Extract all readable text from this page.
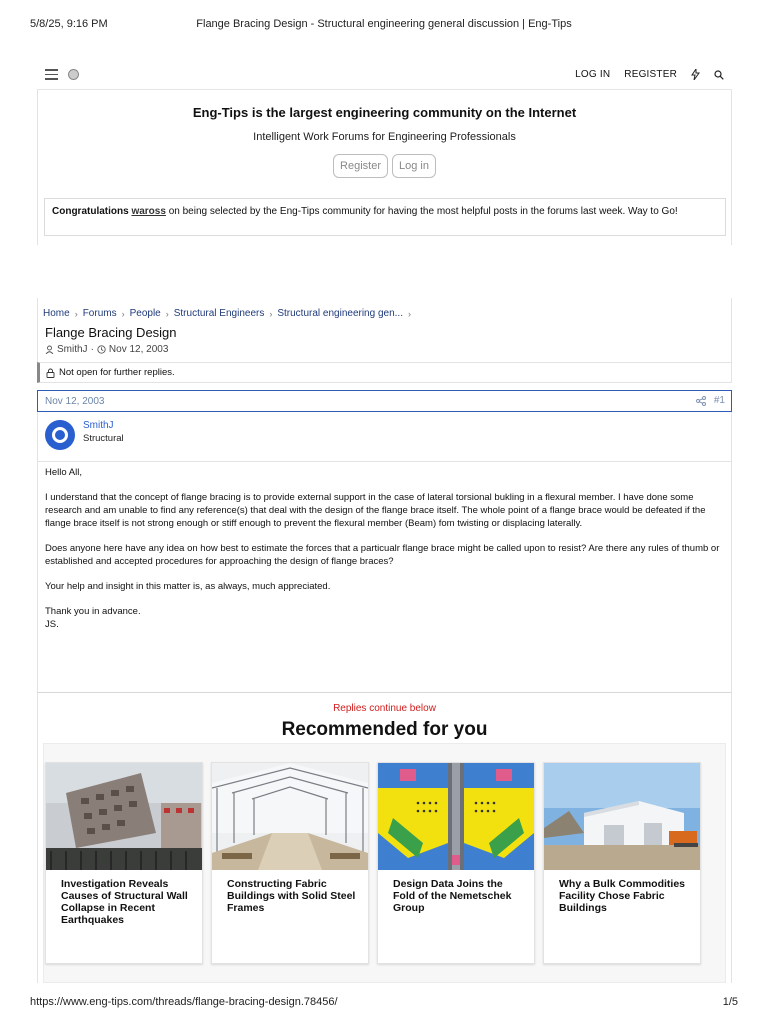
5/8/25, 9:16 PM	Flange Bracing Design - Structural engineering general discussion | Eng-Tips
LOG IN REGISTER
Eng-Tips is the largest engineering community on the Internet
Intelligent Work Forums for Engineering Professionals
Register	Log in
Congratulations waross on being selected by the Eng-Tips community for having the most helpful posts in the forums last week. Way to Go!
Home › Forums › People › Structural Engineers › Structural engineering gen... ›
Flange Bracing Design
SmithJ · Nov 12, 2003
Not open for further replies.
Nov 12, 2003	#1
SmithJ
Structural

Hello All,

I understand that the concept of flange bracing is to provide external support in the case of lateral torsional bukling in a flexural member. I have done some research and am unable to find any reference(s) that deal with the design of the flange brace itself. The whole point of a flange brace would be defeated if the flange brace itself is not strong enough or stiff enough to prevent the flexural member (Beam) fom twisting or displacing laterally.

Does anyone here have any idea on how best to estimate the forces that a particualr flange brace might be called upon to resist? Are there any rules of thumb or established and accepted procedures for approaching the design of flange braces?

Your help and insight in this matter is, as always, much appreciated.

Thank you in advance.

JS.

Replies continue below
Recommended for you
Investigation Reveals Causes of Structural Wall Collapse in Recent Earthquakes
Constructing Fabric Buildings with Solid Steel Frames
Design Data Joins the Fold of the Nemetschek Group
Why a Bulk Commodities Facility Chose Fabric Buildings
https://www.eng-tips.com/threads/flange-bracing-design.78456/	1/5
